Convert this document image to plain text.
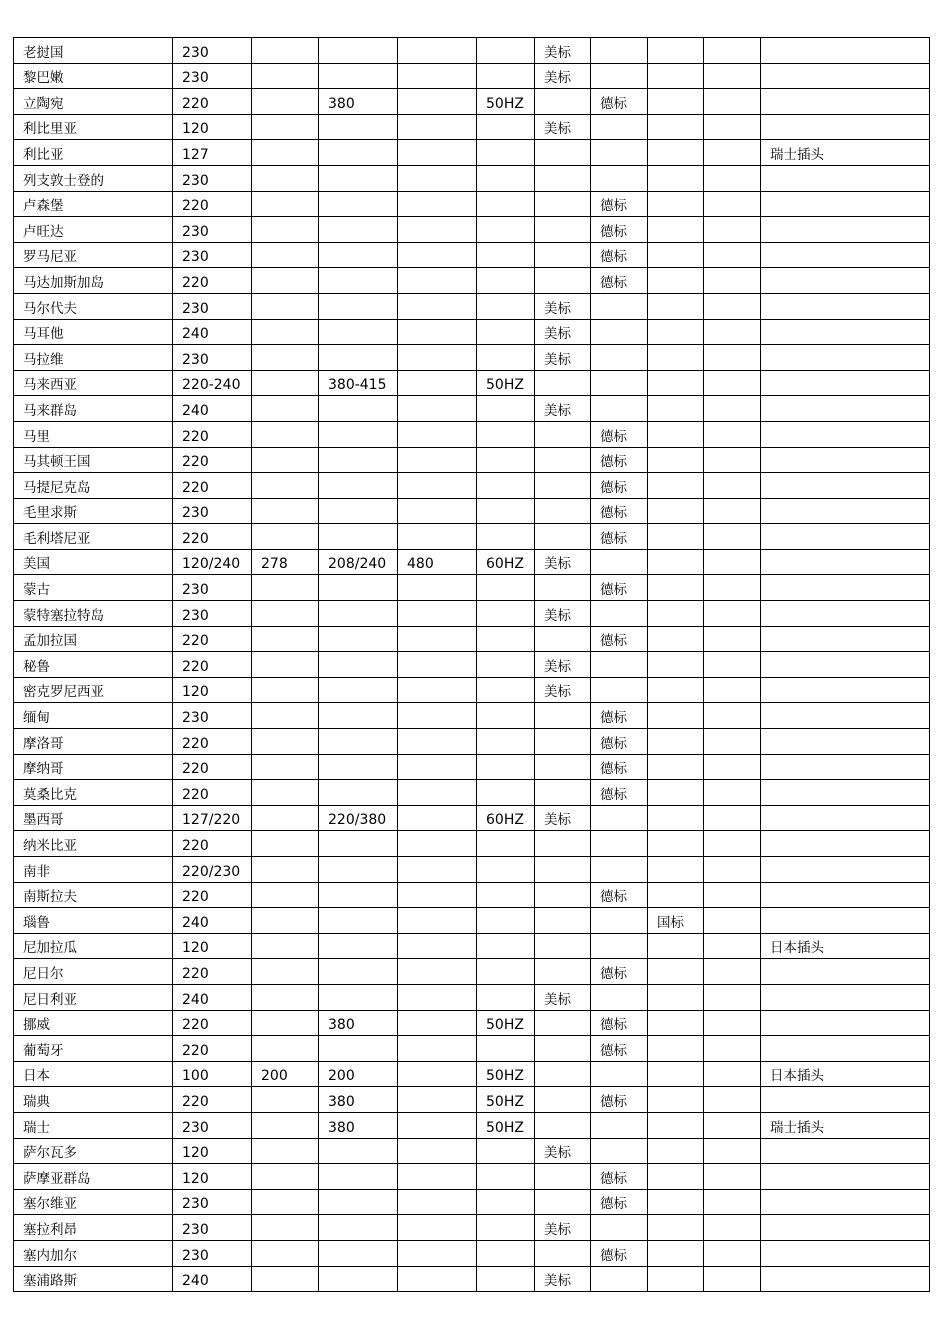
老挝国	230					美标				
黎巴嫩	230					美标				
立陶宛	220		380		50HZ		德标			
利比里亚	120					美标				
利比亚	127									瑞士插头
列支敦士登的	230									
卢森堡	220						德标			
卢旺达	230						德标			
罗马尼亚	230						德标			
马达加斯加岛	220						德标			
马尔代夫	230					美标				
马耳他	240					美标				
马拉维	230					美标				
马来西亚	220-240		380-415		50HZ					
马来群岛	240					美标				
马里	220						德标			
马其顿王国	220						德标			
马提尼克岛	220						德标			
毛里求斯	230						德标			
毛利塔尼亚	220						德标			
美国	120/240	278	208/240	480	60HZ	美标				
蒙古	230						德标			
蒙特塞拉特岛	230					美标				
孟加拉国	220						德标			
秘鲁	220					美标				
密克罗尼西亚	120					美标				
缅甸	230						德标			
摩洛哥	220						德标			
摩纳哥	220						德标			
莫桑比克	220						德标			
墨西哥	127/220		220/380		60HZ	美标				
纳米比亚	220									
南非	220/230									
南斯拉夫	220						德标			
瑙鲁	240							国标		
尼加拉瓜	120									日本插头
尼日尔	220						德标			
尼日利亚	240					美标				
挪威	220		380		50HZ		德标			
葡萄牙	220						德标			
日本	100	200	200		50HZ					日本插头
瑞典	220		380		50HZ		德标			
瑞士	230		380		50HZ					瑞士插头
萨尔瓦多	120					美标				
萨摩亚群岛	120						德标			
塞尔维亚	230						德标			
塞拉利昂	230					美标				
塞内加尔	230						德标			
塞浦路斯	240					美标				
